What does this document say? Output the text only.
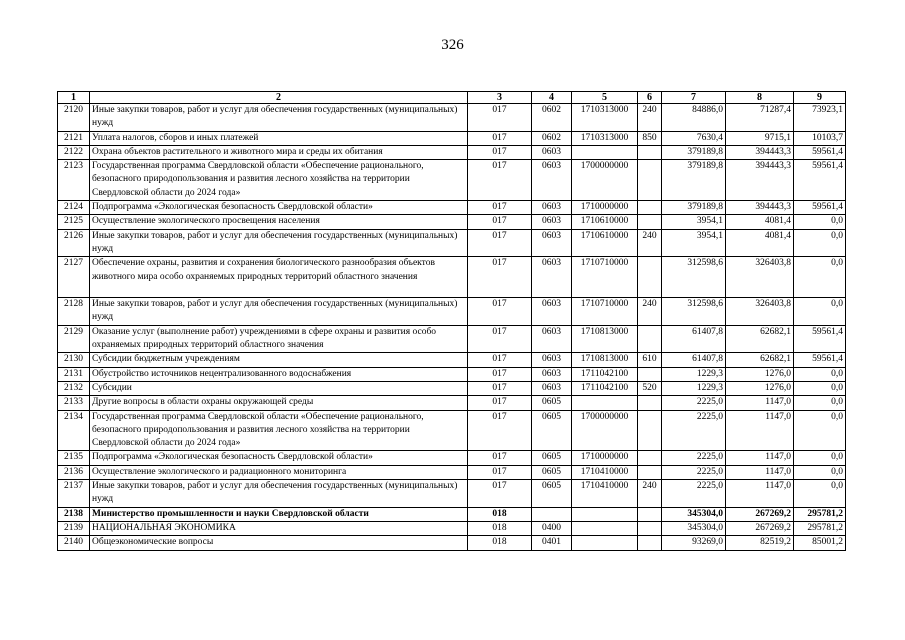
326
1	2	3	4	5	6	7	8	9
2120	Иные закупки товаров, работ и услуг для обеспечения государственных (муниципальных) нужд	017	0602	1710313000	240	84886,0	71287,4	73923,1
2121	Уплата налогов, сборов и иных платежей	017	0602	1710313000	850	7630,4	9715,1	10103,7
2122	Охрана объектов растительного и животного мира и среды их обитания	017	0603			379189,8	394443,3	59561,4
2123	Государственная программа Свердловской области «Обеспечение рационального, безопасного природопользования и развития лесного хозяйства на территории Свердловской области до 2024 года»	017	0603	1700000000		379189,8	394443,3	59561,4
2124	Подпрограмма «Экологическая безопасность Свердловской области»	017	0603	1710000000		379189,8	394443,3	59561,4
2125	Осуществление экологического просвещения населения	017	0603	1710610000		3954,1	4081,4	0,0
2126	Иные закупки товаров, работ и услуг для обеспечения государственных (муниципальных) нужд	017	0603	1710610000	240	3954,1	4081,4	0,0
2127	Обеспечение охраны, развития и сохранения биологического разнообразия объектов животного мира особо охраняемых природных территорий областного значения	017	0603	1710710000		312598,6	326403,8	0,0
2128	Иные закупки товаров, работ и услуг для обеспечения государственных (муниципальных) нужд	017	0603	1710710000	240	312598,6	326403,8	0,0
2129	Оказание услуг (выполнение работ) учреждениями в сфере охраны и развития особо охраняемых природных территорий областного значения	017	0603	1710813000		61407,8	62682,1	59561,4
2130	Субсидии бюджетным учреждениям	017	0603	1710813000	610	61407,8	62682,1	59561,4
2131	Обустройство источников нецентрализованного водоснабжения	017	0603	1711042100		1229,3	1276,0	0,0
2132	Субсидии	017	0603	1711042100	520	1229,3	1276,0	0,0
2133	Другие вопросы в области охраны окружающей среды	017	0605			2225,0	1147,0	0,0
2134	Государственная программа Свердловской области «Обеспечение рационального, безопасного природопользования и развития лесного хозяйства на территории Свердловской области до 2024 года»	017	0605	1700000000		2225,0	1147,0	0,0
2135	Подпрограмма «Экологическая безопасность Свердловской области»	017	0605	1710000000		2225,0	1147,0	0,0
2136	Осуществление экологического и радиационного мониторинга	017	0605	1710410000		2225,0	1147,0	0,0
2137	Иные закупки товаров, работ и услуг для обеспечения государственных (муниципальных) нужд	017	0605	1710410000	240	2225,0	1147,0	0,0
2138	Министерство промышленности и науки Свердловской области	018				345304,0	267269,2	295781,2
2139	НАЦИОНАЛЬНАЯ ЭКОНОМИКА	018	0400			345304,0	267269,2	295781,2
2140	Общеэкономические вопросы	018	0401			93269,0	82519,2	85001,2
